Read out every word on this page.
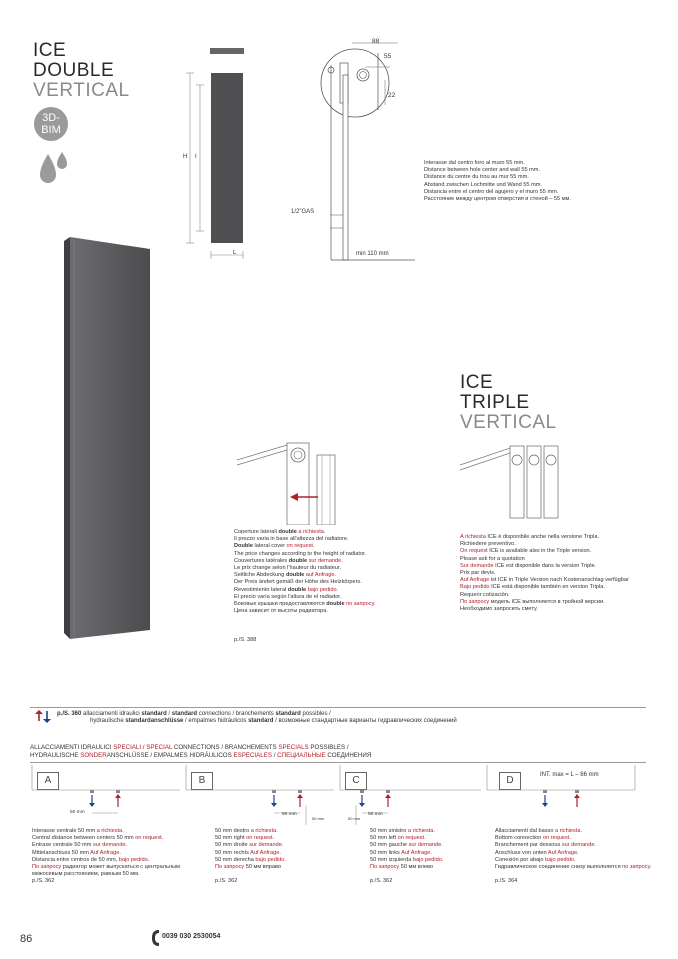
ICE
DOUBLE
VERTICAL
3D-
BIM
H I
L
88
55
22
1/2"GAS
min 110 mm

Interasse dal centro foro al muro 55 mm.

Distance between hole center and wall 55 mm.

Distance du centre du trou au mur 55 mm.

Abstand zwischen Lochmitte und Wand 55 mm.

Distancia entre el centro del agujero y el muro 55 mm.

Расстояние между центром отверстия и стеной – 55 мм.

ICE
TRIPLE
VERTICAL

Coperture laterali double a richiesta.

Il prezzo varia in base all'altezza del radiatore.

Double lateral cover on request.

The price changes according to the height of radiator.

Couvertures latérales double sur demande.

Le prix change selon l'hauteur du radiateur.

Seitliche Abdeckung double auf Anfrage.

Der Preis ändert gemäß der Höhe des Heizkörpers.

Revestimiento lateral double bajo pedido.

El precio varía según l'altura de el radiador.

Боковые крышки предоставляются double по запросу.

Цена зависит от высоты радиатора.

p./S. 388

A richiesta ICE è disponibile anche nella versione Tripla.

Richiedere preventivo.

On request ICE is available also in the Triple version.

Please ask for a quotation

Sur demande ICE est disponible dans la version Triple.

Prix par devis.

Auf Anfrage ist ICE in Triple Version nach Kostenanschlag verfügbar

Bajo pedido ICE está disponible también en version Tripla.

Requerir cotización.

По запросу модель ICE выполняется в тройной версии.

Необходимо запросить смету.

p./S. 360 allacciamenti idraulici standard / standard connections / branchements standard possibles /

hydraulische standardanschlüsse / empalmes hidráulicos standard / возможные стандартные варианты гидравлических соединений

ALLACCIAMENTI IDRAULICI SPECIALI / SPECIAL CONNECTIONS / BRANCHEMENTS SPECIALS POSSIBLES /

HYDRAULISCHE SONDERANSCHLÜSSE / EMPALMES HIDRÁULICOS ESPECIALES / СПЕЦИАЛЬНЫЕ СОЕДИНЕНИЯ

A
50 mm

Interasse centrale 50 mm a richiesta.

Central distance between centers 50 mm on request.

Entraxe centrale 50 mm sur demande.

Mittelanschluss 50 mm Auf Anfrage.

Distancia entre centros de 50 mm, bajo pedido.

По запросу радиатор может выпускаться с центральным

межосевым расстоянием, равным 50 мм.

p./S. 362

B
50 mm
50 mm

50 mm destro a richiesta.

50 mm right on request.

50 mm droite sur demande.

50 mm rechts Auf Anfrage.

50 mm derecha bajo pedido.

По запросу 50 мм вправо

p./S. 362

C
50 mm
50 mm

50 mm sinistro a richiesta.

50 mm left on request.

50 mm gauche sur demande.

50 mm links Auf Anfrage.

50 mm izquierda bajo pedido.

По запросу 50 мм влево

p./S. 362

D	INT. max = L – 86 mm

Allacciamenti dal basso a richiesta.

Bottom connection on request.

Branchement par dessous sur demande.

Anschluss von unten Auf Anfrage.

Conexión por abajo bajo pedido.

Гидравлическое соединение снизу выполняется по запросу.

p./S. 364

86	0039 030 2530054
